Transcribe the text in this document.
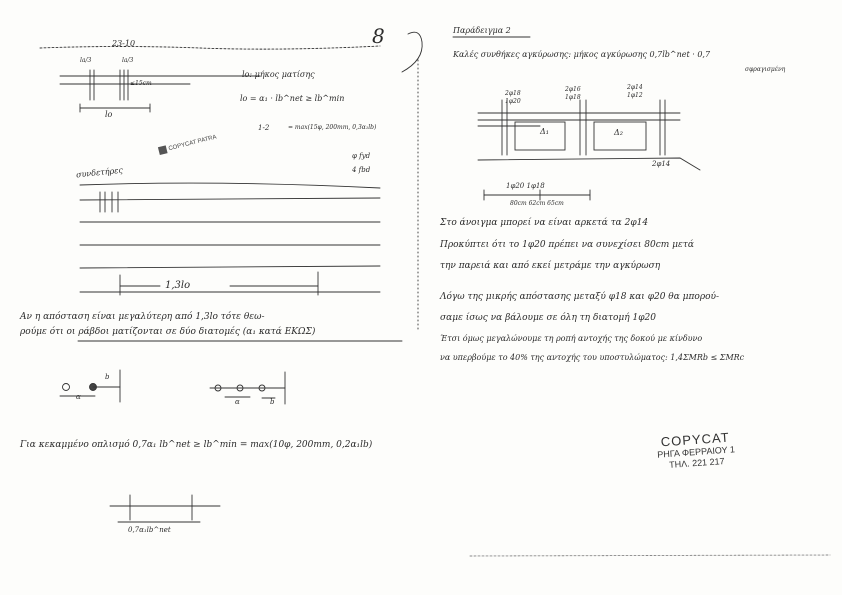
23-10	8
la/3	la/3
≤15cm
lo
lo: μήκος ματίσης
lo = α₁ · lb^net ≥ lb^min
1-2	= max(15φ, 200mm, 0,3α₁lb)
φ fyd
4 fbd
COPYCAT PATRA
συνδετήρες
1,3lo
Αν η απόσταση είναι μεγαλύτερη από 1,3lo τότε θεω-
ρούμε ότι οι ράβδοι ματίζονται σε δύο διατομές (α₁ κατά ΕΚΩΣ)
b
α
α	b
Για κεκαμμένο οπλισμό 0,7α₁ lb^net ≥ lb^min = max(10φ, 200mm, 0,2α₁lb)
0,7α₁lb^net
Παράδειγμα 2
Καλές συνθήκες αγκύρωσης: μήκος αγκύρωσης 0,7lb^net · 0,7
σφραγισμένη
2φ18
1φ20
2φ16
1φ18
2φ14
1φ12
Δ₁	Δ₂
2φ14
1φ20 1φ18
80cm 62cm 65cm
Στο άνοιγμα μπορεί να είναι αρκετά τα 2φ14
Προκύπτει ότι το 1φ20 πρέπει να συνεχίσει 80cm μετά
την παρειά και από εκεί μετράμε την αγκύρωση
Λόγω της μικρής απόστασης μεταξύ φ18 και φ20 θα μπορού-
σαμε ίσως να βάλουμε σε όλη τη διατομή 1φ20
Έτσι όμως μεγαλώνουμε τη ροπή αντοχής της δοκού με κίνδυνο
να υπερβούμε το 40% της αντοχής του υποστυλώματος: 1,4ΣMRb ≤ ΣMRc
COPYCAT
ΡΗΓΑ ΦΕΡΡΑΙΟΥ 1
ΤΗΛ. 221 217
